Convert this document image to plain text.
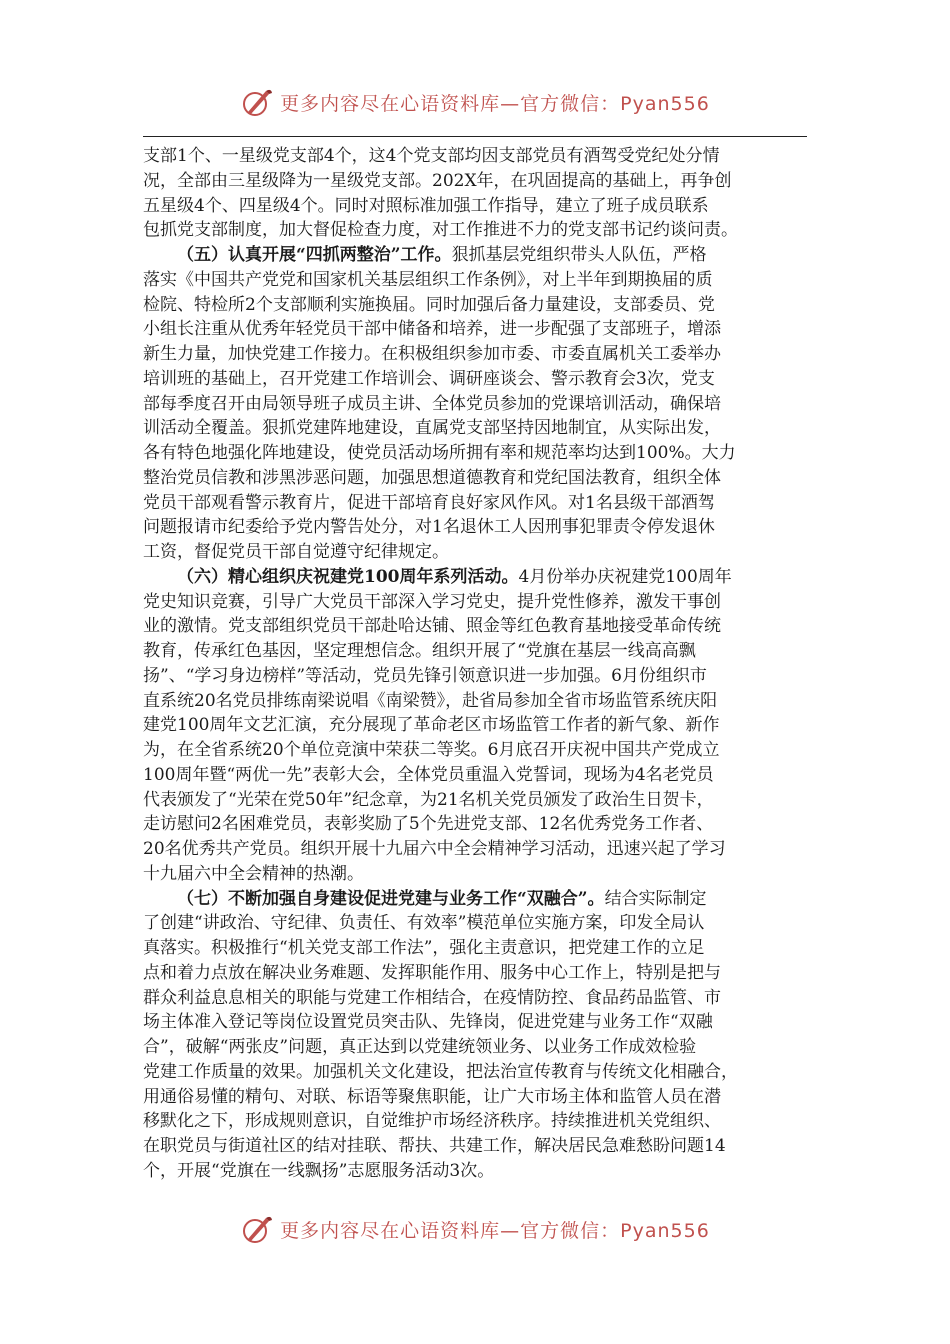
更多内容尽在心语资料库—官方微信：Pyan556
支部1个、一星级党支部4个，这4个党支部均因支部党员有酒驾受党纪处分情
况，全部由三星级降为一星级党支部。202X年，在巩固提高的基础上，再争创
五星级4个、四星级4个。同时对照标准加强工作指导，建立了班子成员联系
包抓党支部制度，加大督促检查力度，对工作推进不力的党支部书记约谈问责。
（五）认真开展“四抓两整治”工作。狠抓基层党组织带头人队伍，严格
落实《中国共产党党和国家机关基层组织工作条例》，对上半年到期换届的质
检院、特检所2个支部顺利实施换届。同时加强后备力量建设，支部委员、党
小组长注重从优秀年轻党员干部中储备和培养，进一步配强了支部班子，增添
新生力量，加快党建工作接力。在积极组织参加市委、市委直属机关工委举办
培训班的基础上，召开党建工作培训会、调研座谈会、警示教育会3次，党支
部每季度召开由局领导班子成员主讲、全体党员参加的党课培训活动，确保培
训活动全覆盖。狠抓党建阵地建设，直属党支部坚持因地制宜，从实际出发，
各有特色地强化阵地建设，使党员活动场所拥有率和规范率均达到100%。大力
整治党员信教和涉黑涉恶问题，加强思想道德教育和党纪国法教育，组织全体
党员干部观看警示教育片，促进干部培育良好家风作风。对1名县级干部酒驾
问题报请市纪委给予党内警告处分，对1名退休工人因刑事犯罪责令停发退休
工资，督促党员干部自觉遵守纪律规定。
（六）精心组织庆祝建党100周年系列活动。4月份举办庆祝建党100周年
党史知识竞赛，引导广大党员干部深入学习党史，提升党性修养，激发干事创
业的激情。党支部组织党员干部赴哈达铺、照金等红色教育基地接受革命传统
教育，传承红色基因，坚定理想信念。组织开展了“党旗在基层一线高高飘
扬”、“学习身边榜样”等活动，党员先锋引领意识进一步加强。6月份组织市
直系统20名党员排练南梁说唱《南梁赞》，赴省局参加全省市场监管系统庆阳
建党100周年文艺汇演，充分展现了革命老区市场监管工作者的新气象、新作
为，在全省系统20个单位竞演中荣获二等奖。6月底召开庆祝中国共产党成立
100周年暨“两优一先”表彰大会，全体党员重温入党誓词，现场为4名老党员
代表颁发了“光荣在党50年”纪念章，为21名机关党员颁发了政治生日贺卡，
走访慰问2名困难党员，表彰奖励了5个先进党支部、12名优秀党务工作者、
20名优秀共产党员。组织开展十九届六中全会精神学习活动，迅速兴起了学习
十九届六中全会精神的热潮。
（七）不断加强自身建设促进党建与业务工作“双融合”。结合实际制定
了创建“讲政治、守纪律、负责任、有效率”模范单位实施方案，印发全局认
真落实。积极推行“机关党支部工作法”，强化主责意识，把党建工作的立足
点和着力点放在解决业务难题、发挥职能作用、服务中心工作上，特别是把与
群众利益息息相关的职能与党建工作相结合，在疫情防控、食品药品监管、市
场主体准入登记等岗位设置党员突击队、先锋岗，促进党建与业务工作“双融
合”，破解“两张皮”问题，真正达到以党建统领业务、以业务工作成效检验
党建工作质量的效果。加强机关文化建设，把法治宣传教育与传统文化相融合，
用通俗易懂的精句、对联、标语等聚焦职能，让广大市场主体和监管人员在潜
移默化之下，形成规则意识，自觉维护市场经济秩序。持续推进机关党组织、
在职党员与街道社区的结对挂联、帮扶、共建工作，解决居民急难愁盼问题14
个，开展“党旗在一线飘扬”志愿服务活动3次。
更多内容尽在心语资料库—官方微信：Pyan556
